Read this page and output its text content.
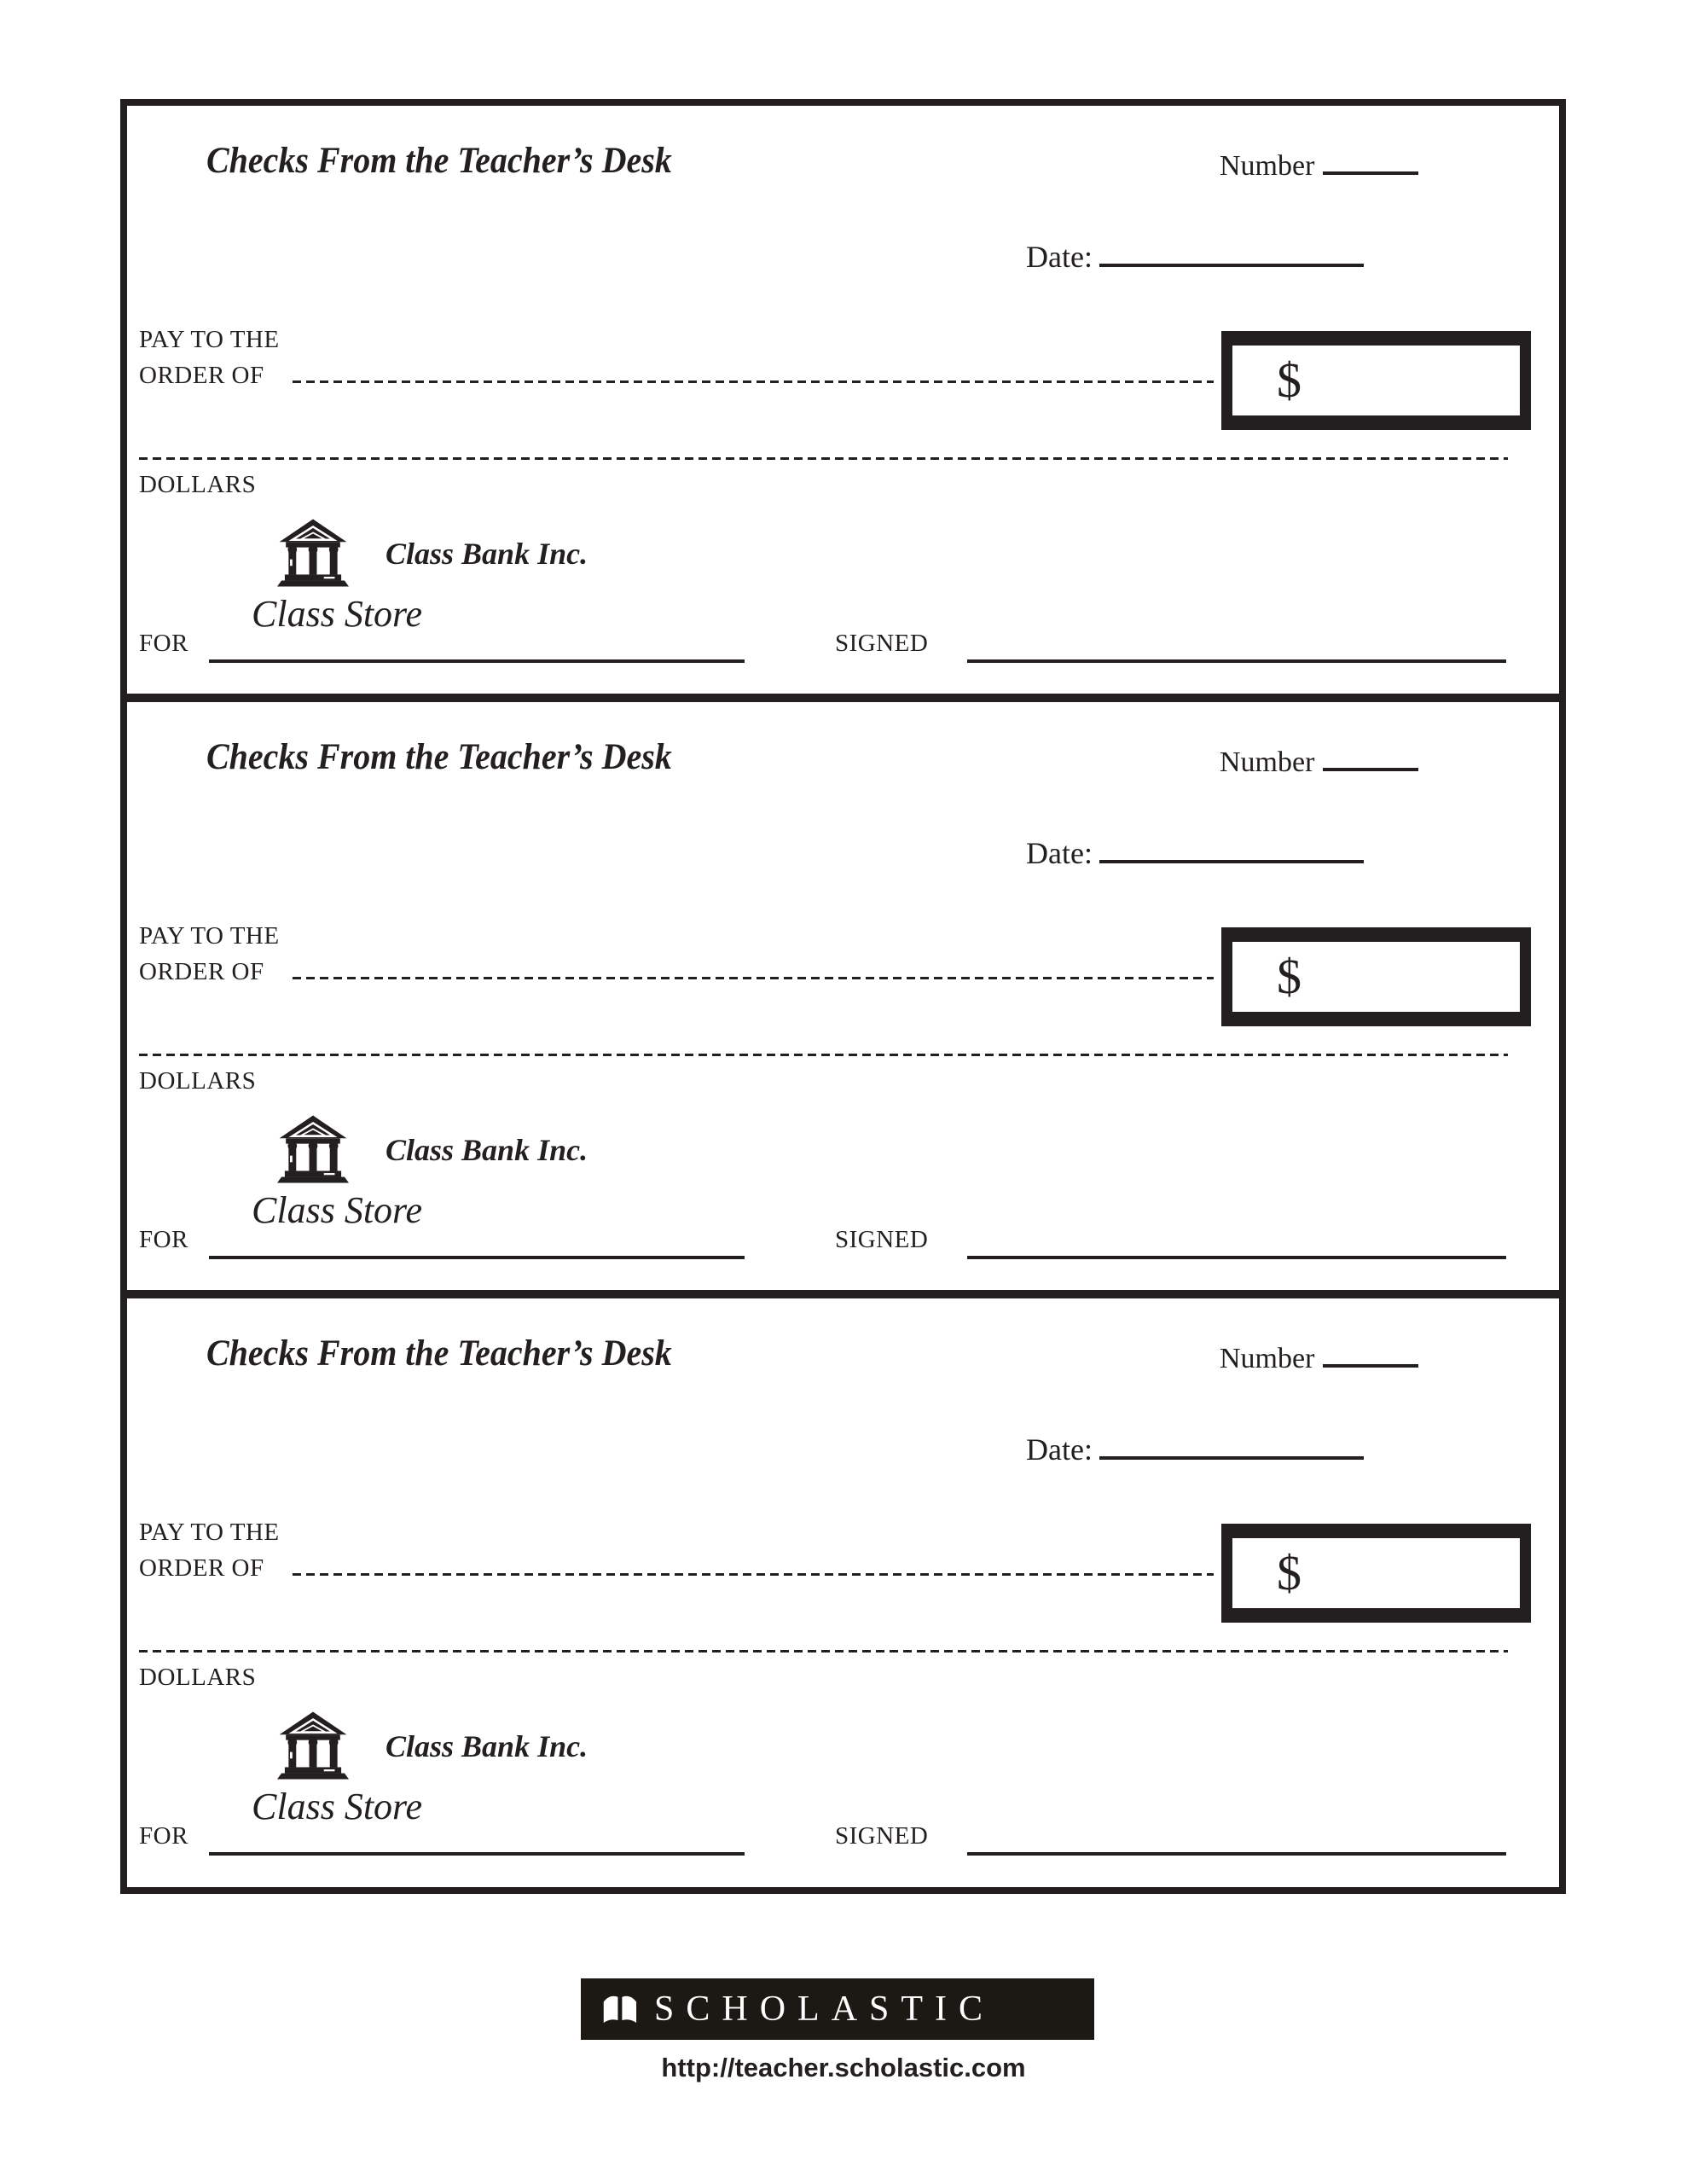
Checks From the Teacher’s Desk	Number
Date:
PAY TO THE
ORDER OF	$
DOLLARS
Class Bank Inc.
Class Store
FOR	SIGNED
Checks From the Teacher’s Desk	Number
Date:
PAY TO THE
ORDER OF	$
DOLLARS
Class Bank Inc.
Class Store
FOR	SIGNED
Checks From the Teacher’s Desk	Number
Date:
PAY TO THE
ORDER OF	$
DOLLARS
Class Bank Inc.
Class Store
FOR	SIGNED
SCHOLASTIC
http://teacher.scholastic.com
